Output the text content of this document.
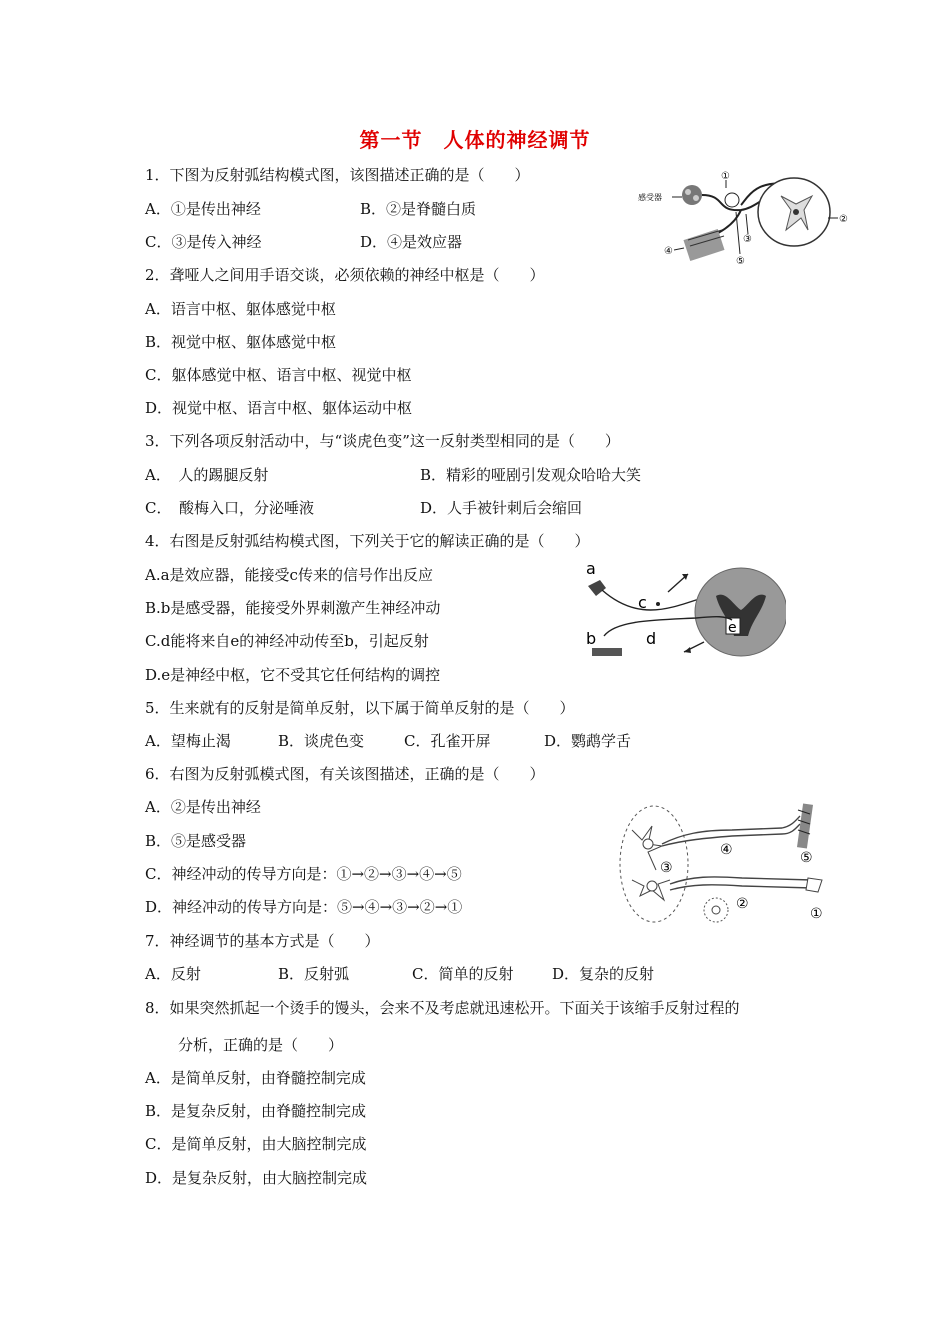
第一节　人体的神经调节
1．下图为反射弧结构模式图，该图描述正确的是（　　）
A．①是传出神经	B．②是脊髓白质
C．③是传入神经	D．④是效应器
感受器
④
①
②
③
⑤
2．聋哑人之间用手语交谈，必须依赖的神经中枢是（　　）
A．语言中枢、躯体感觉中枢
B．视觉中枢、躯体感觉中枢
C．躯体感觉中枢、语言中枢、视觉中枢
D．视觉中枢、语言中枢、躯体运动中枢
3．下列各项反射活动中，与“谈虎色变”这一反射类型相同的是（　　）
A．　人的踢腿反射	B．精彩的哑剧引发观众哈哈大笑
C．　酸梅入口，分泌唾液	D．人手被针刺后会缩回
4．右图是反射弧结构模式图，下列关于它的解读正确的是（　　）
A.a是效应器，能接受c传来的信号作出反应
B.b是感受器，能接受外界刺激产生神经冲动
C.d能将来自e的神经冲动传至b，引起反射
D.e是神经中枢，它不受其它任何结构的调控
a
c
e
b	d
5．生来就有的反射是简单反射，以下属于简单反射的是（　　）
A．望梅止渴	B．谈虎色变	C．孔雀开屏	D．鹦鹉学舌
6．右图为反射弧模式图，有关该图描述，正确的是（　　）
A．②是传出神经
B．⑤是感受器
C．神经冲动的传导方向是：①→②→③→④→⑤
D．神经冲动的传导方向是：⑤→④→③→②→①
③
④	⑤
①
②
7．神经调节的基本方式是（　　）
A．反射	B．反射弧	C．简单的反射	D．复杂的反射
8．如果突然抓起一个烫手的馒头，会来不及考虑就迅速松开。下面关于该缩手反射过程的
分析，正确的是（　　）
A．是简单反射，由脊髓控制完成
B．是复杂反射，由脊髓控制完成
C．是简单反射，由大脑控制完成
D．是复杂反射，由大脑控制完成
